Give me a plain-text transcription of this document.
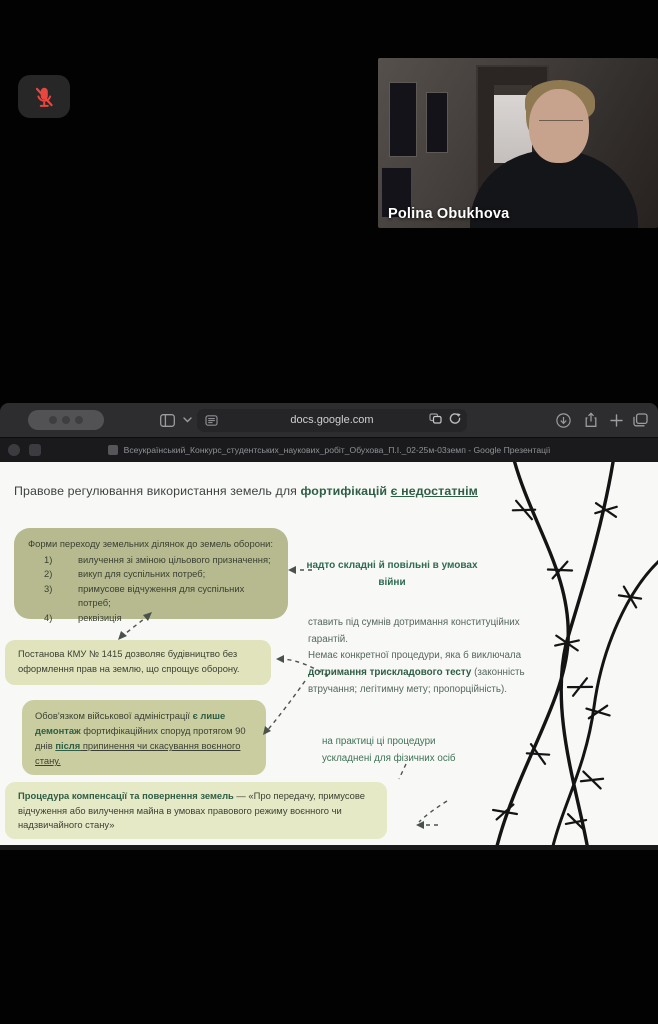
Polina Obukhova
docs.google.com
Всеукраїнський_Конкурс_студентських_наукових_робіт_Обухова_П.І._02-25м-03земп - Google Презентації
Правове регулювання використання земель для фортифікацій є недостатнім
Форми переходу земельних ділянок до земель оборони:
1)	вилучення зі зміною цільового призначення;
2)	викуп для суспільних потреб;
3)	примусове відчуження для суспільних потреб;
4)	реквізиція
надто складні й повільні в умовах війни
Постанова КМУ № 1415 дозволяє будівництво без оформлення прав на землю, що спрощує оборону.
ставить під сумнів дотримання конституційних гарантій.
Немає конкретної процедури, яка б виключала дотримання трискладового тесту (законність втручання; легітимну мету; пропорційність).
Обов'язком військової адміністрації є лише демонтаж фортифікаційних споруд протягом 90 днів після припинення чи скасування воєнного стану.
на практиці ці процедури ускладнені для фізичних осіб
Процедура компенсації та повернення земель — «Про передачу, примусове відчуження або вилучення майна в умовах правового режиму воєнного чи надзвичайного стану»
